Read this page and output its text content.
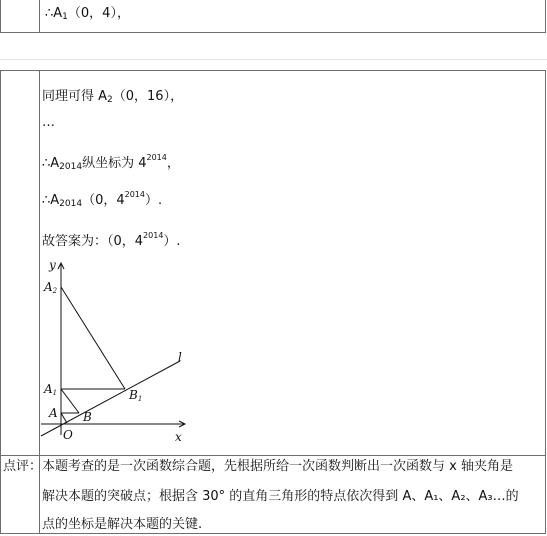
$\therefore A_1(0$，4），
同理可得 $A_2(0$，16），
…
$\therefore A_{2014}$纵坐标为 $4^{2014}$，
$\therefore A_{2014}(0$，$4^{2014}$）.
故答案为：（0，$4^{2014}$）.
y
x
l
O
A B
A1	B1
A2
点评： 本题考查的是一次函数综合题，先根据所给一次函数判断出一次函数与 x 轴夹角是
解决本题的突破点；根据含 30° 的直角三角形的特点依次得到 A、A₁、A₂、A₃…的
点的坐标是解决本题的关键.
